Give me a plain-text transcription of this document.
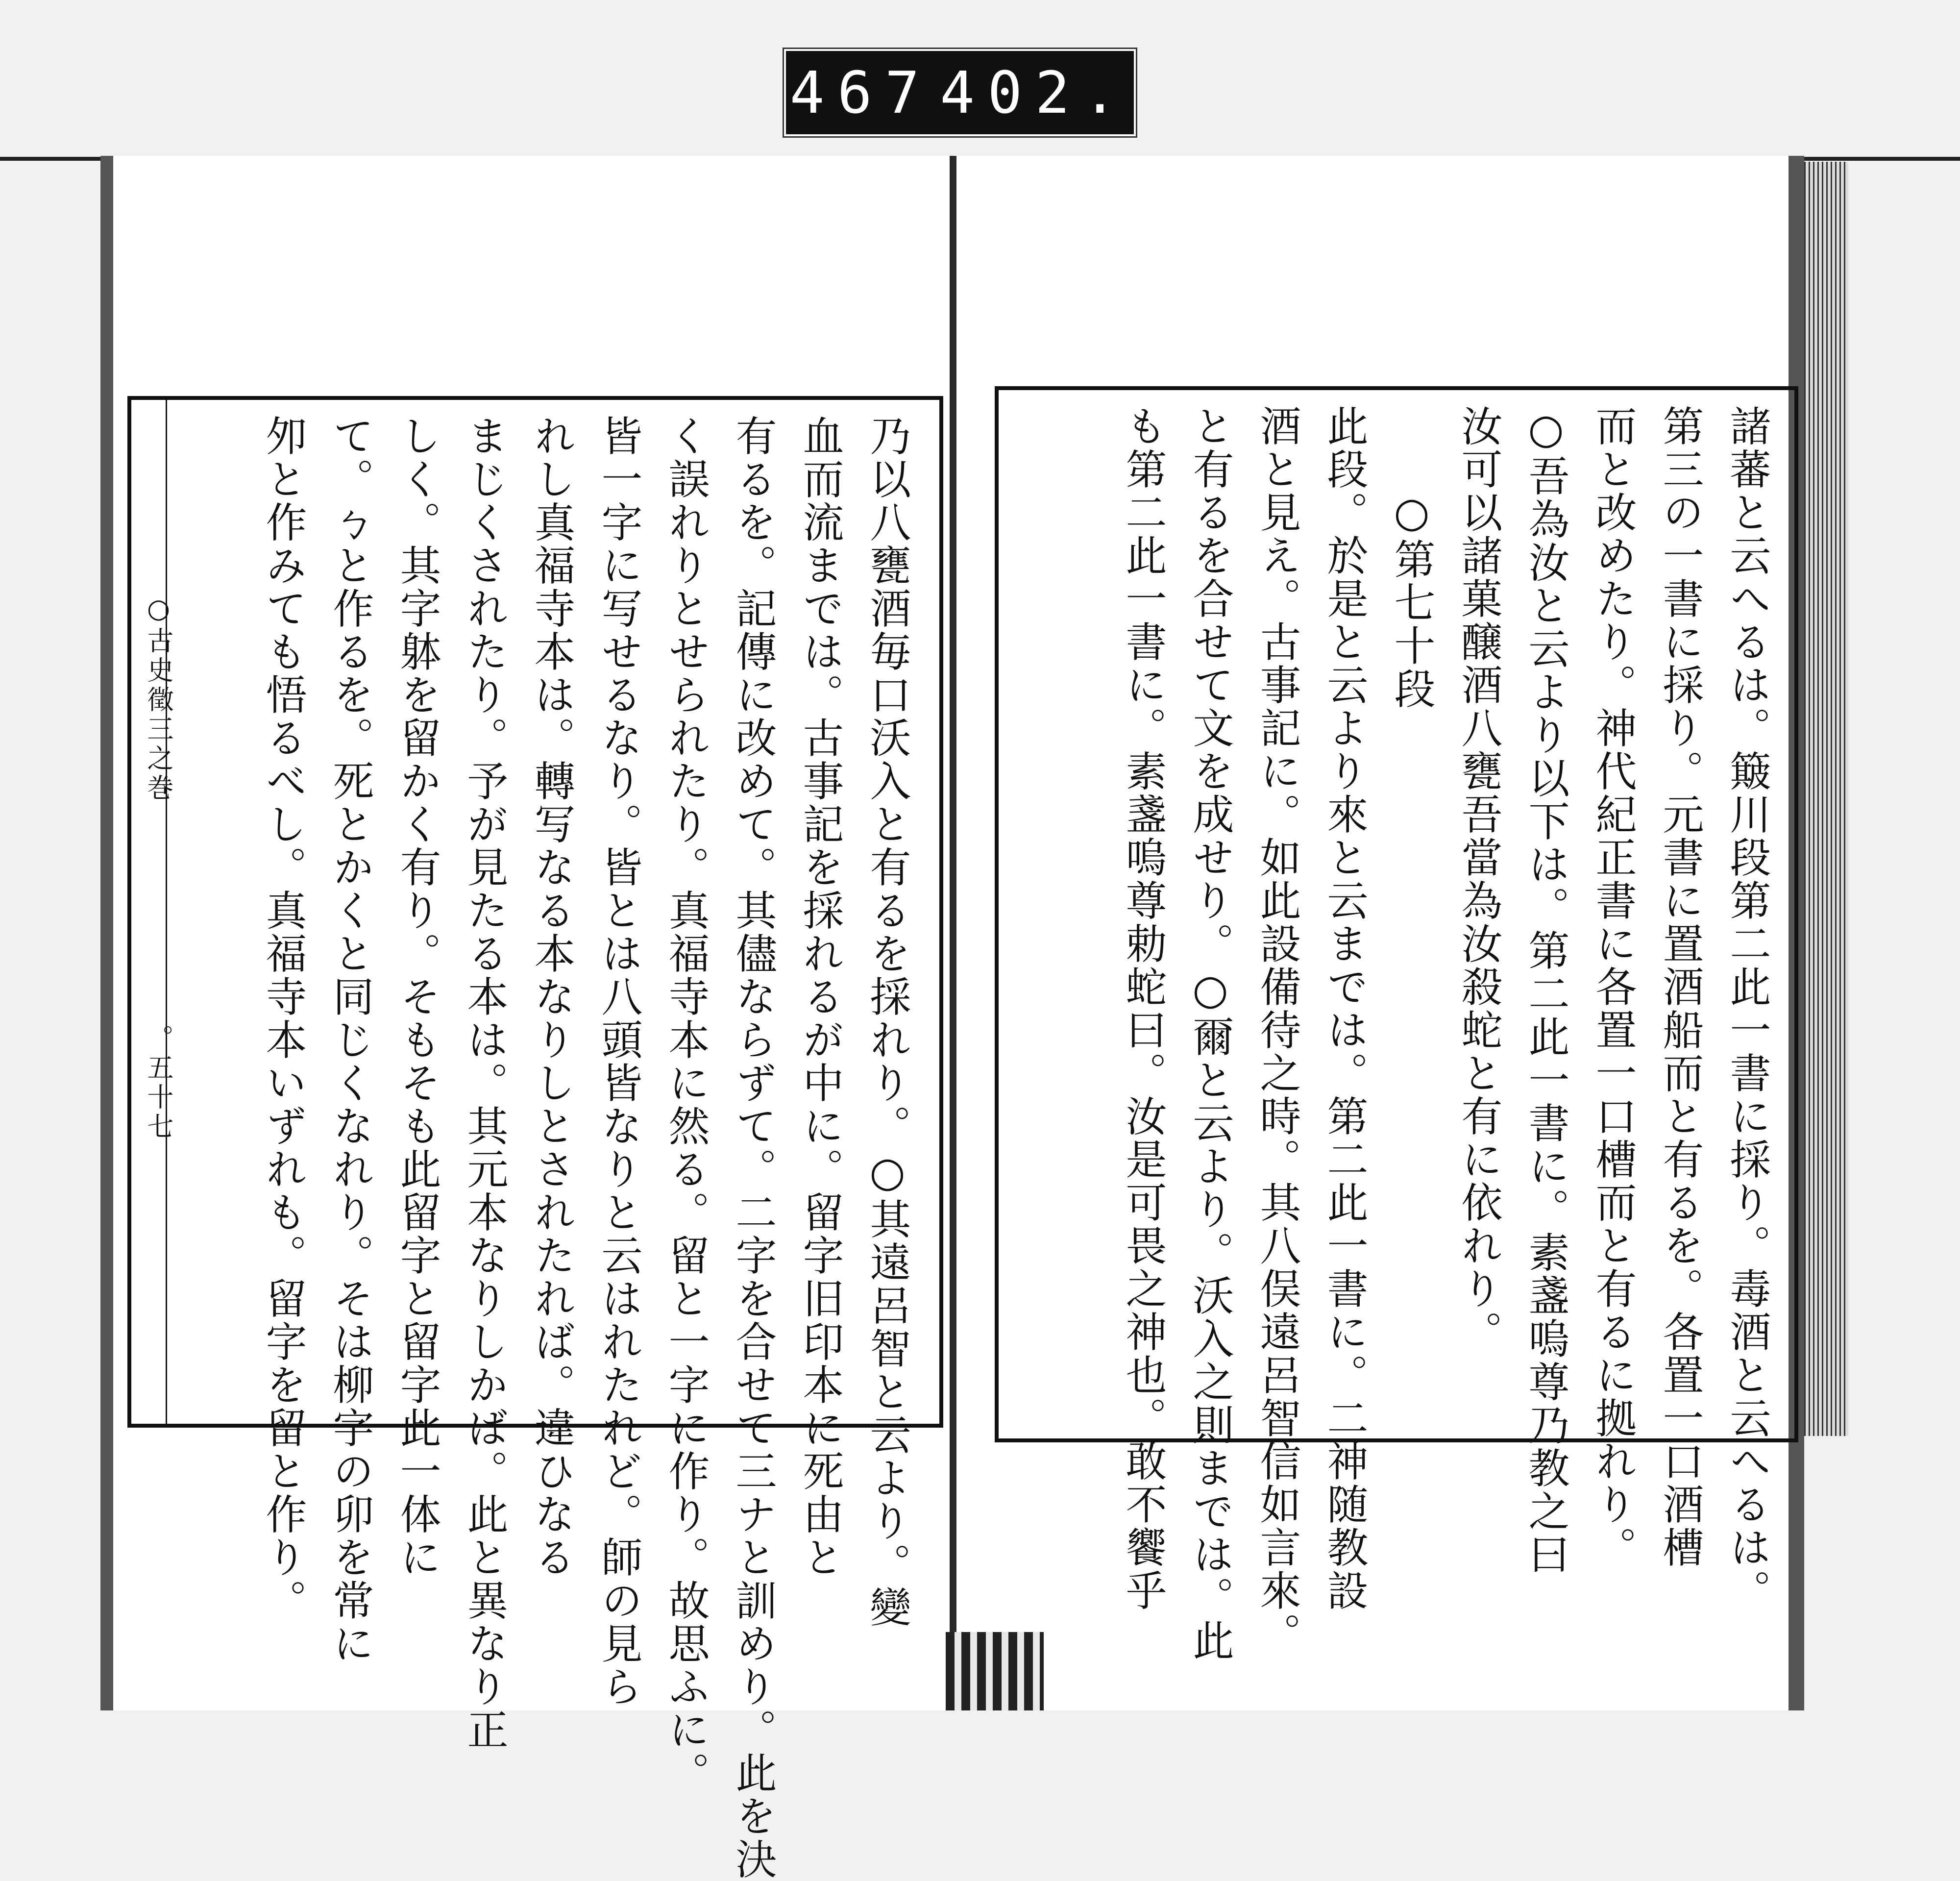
467 402.
諸蕃と云へるは。簸川段第二此一書に採り。毒酒と云へるは。
第三の一書に採り。元書に置酒船而と有るを。各置一口酒槽
而と改めたり。神代紀正書に各置一口槽而と有るに拠れり。
○吾為汝と云より以下は。第二此一書に。素盞嗚尊乃教之曰
汝可以諸菓醸酒八甕吾當為汝殺蛇と有に依れり。
○第七十段
此段。於是と云より來と云までは。第二此一書に。二神随教設
酒と見え。古事記に。如此設備待之時。其八俣遠呂智信如言來。
と有るを合せて文を成せり。○爾と云より。沃入之則までは。此
も第二此一書に。素盞嗚尊勅蛇曰。汝是可畏之神也。敢不饗乎
乃以八甕酒毎口沃入と有るを採れり。○其遠呂智と云より。變
血而流までは。古事記を採れるが中に。留字旧印本に死由と
有るを。記傳に改めて。其儘ならずて。二字を合せて三ナと訓めり。此を決
く誤れりとせられたり。真福寺本に然る。留と一字に作り。故思ふに。
皆一字に写せるなり。皆とは八頭皆なりと云はれたれど。師の見ら
れし真福寺本は。轉写なる本なりしとされたれば。違ひなる
まじくされたり。予が見たる本は。其元本なりしかば。此と異なり正
しく。其字躰を留かく有り。そもそも此留字と留字此一体に
て。ㄅと作るを。死とかくと同じくなれり。そは柳字の卯を常に
夘と作みても悟るべし。真福寺本いずれも。留字を留と作り。
○古史徵三之巻
。五十七
